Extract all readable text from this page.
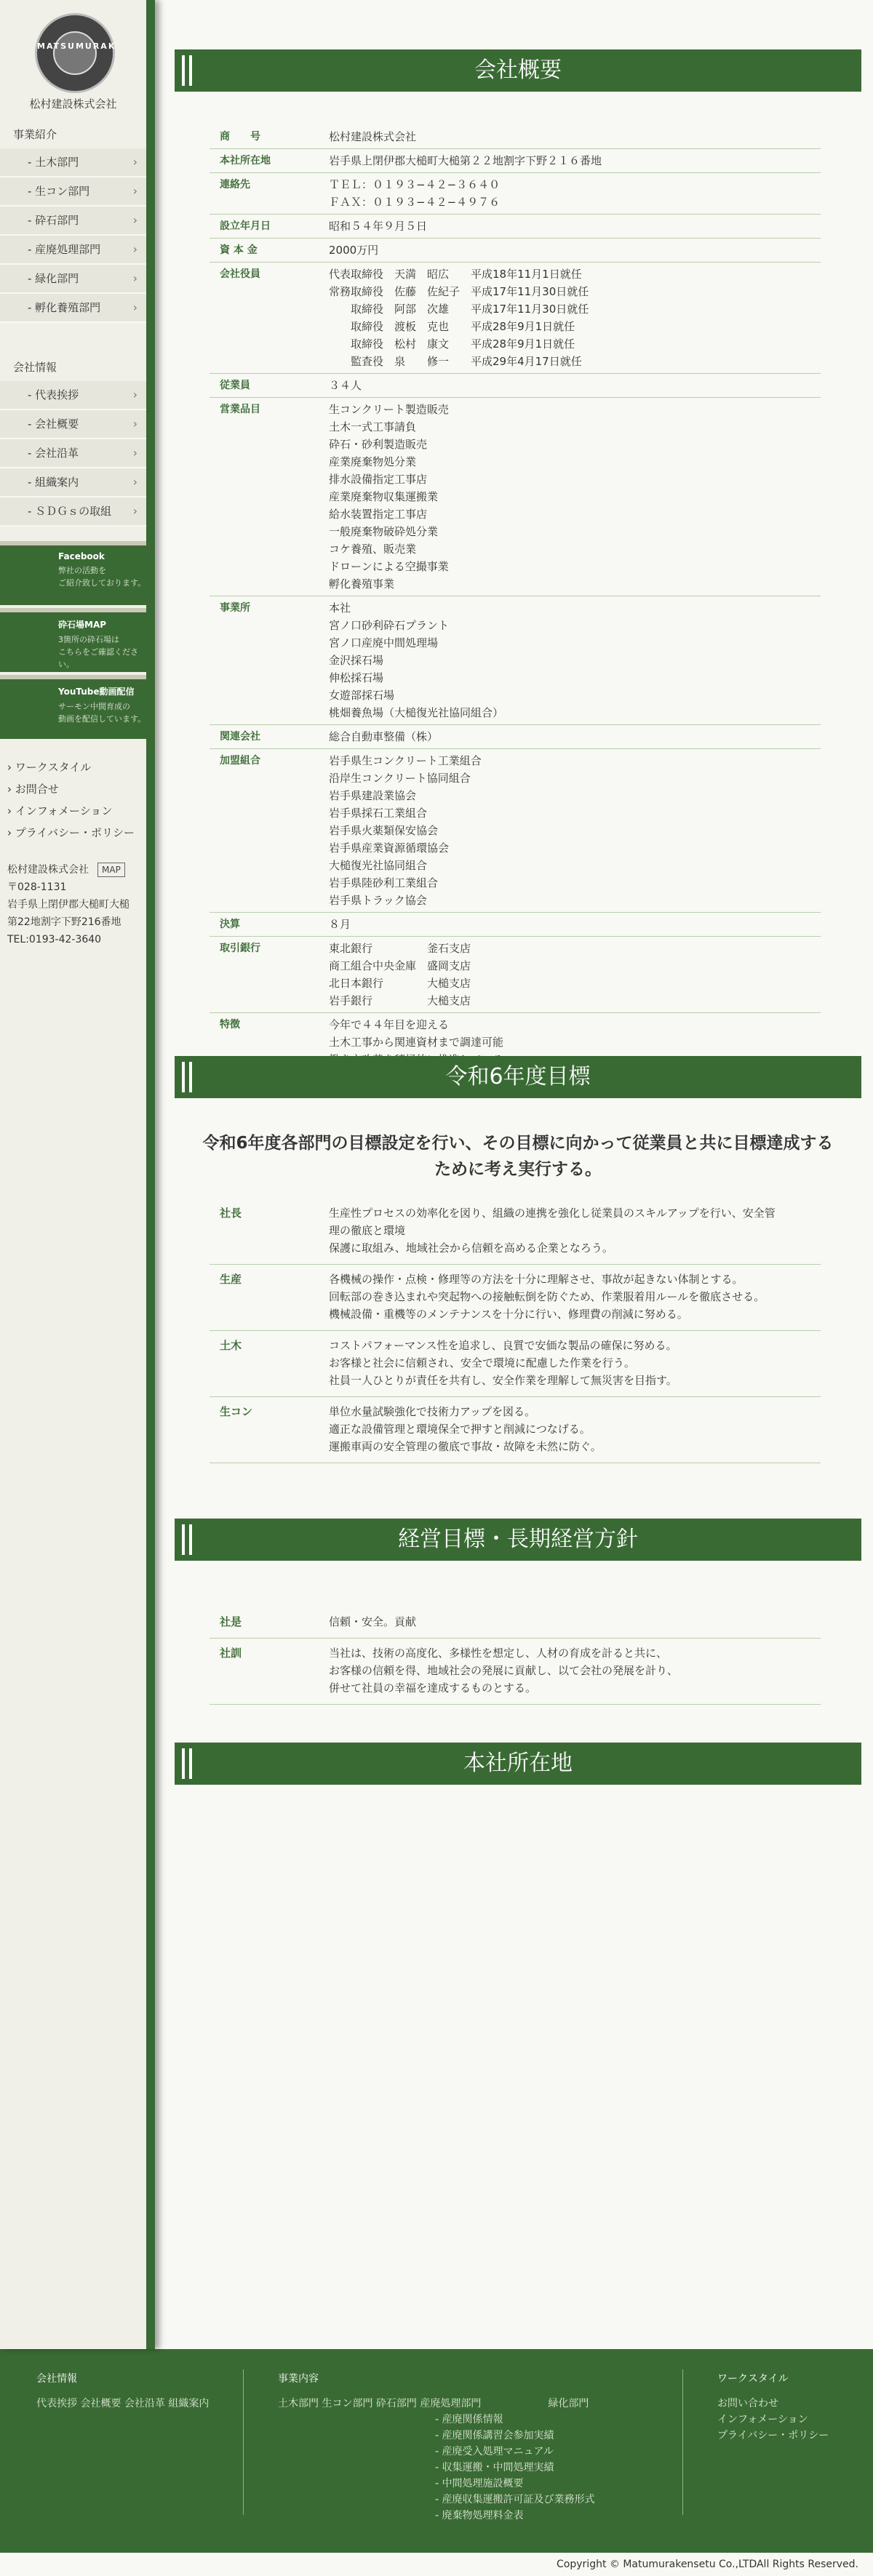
MATSUMURAK
松村建設株式会社
事業紹介
- 土木部門	›
- 生コン部門	›
- 砕石部門	›
- 産廃処理部門	›
- 緑化部門	›
- 孵化養殖部門	›
会社情報
- 代表挨拶	›
- 会社概要	›
- 会社沿革	›
- 組織案内	›
- ＳＤＧｓの取組 ›
Facebook
弊社の活動を
ご紹介致しております。
砕石場MAP
3箇所の砕石場は
こちらをご確認ください。
YouTube動画配信
サーモン中間育成の
動画を配信しています。
› ワークスタイル
› お問合せ
› インフォメーション
› プライバシー・ポリシー
松村建設株式会社 MAP
〒028-1131
岩手県上閉伊郡大槌町大槌
第22地割字下野216番地
TEL:0193-42-3640
会社概要
商　　号	松村建設株式会社
本社所在地	岩手県上閉伊郡大槌町大槌第２２地割字下野２１６番地
連絡先	ＴＥＬ：０１９３−４２−３６４０
ＦＡＸ：０１９３−４２−４９７６
設立年月日	昭和５４年９月５日
資 本 金	2000万円
会社役員	代表取締役　天満　昭広　　平成18年11月1日就任
常務取締役　佐藤　佐紀子　平成17年11月30日就任
　　取締役　阿部　次雄　　平成17年11月30日就任
　　取締役　渡板　克也　　平成28年9月1日就任
　　取締役　松村　康文　　平成28年9月1日就任
　　監査役　泉　　修一　　平成29年4月17日就任
従業員	３４人
営業品目	生コンクリート製造販売
土木一式工事請負
砕石・砂利製造販売
産業廃棄物処分業
排水設備指定工事店
産業廃棄物収集運搬業
給水装置指定工事店
一般廃棄物破砕処分業
コケ養殖、販売業
ドローンによる空撮事業
孵化養殖事業
事業所	本社
宮ノ口砂利砕石プラント
宮ノ口産廃中間処理場
金沢採石場
伸松採石場
女遊部採石場
桃畑養魚場（大槌復光社協同組合）
関連会社	総合自動車整備（株）
加盟組合	岩手県生コンクリート工業組合
沿岸生コンクリート協同組合
岩手県建設業協会
岩手県採石工業組合
岩手県火薬類保安協会
岩手県産業資源循環協会
大槌復光社協同組合
岩手県陸砂利工業組合
岩手県トラック協会
決算	８月
取引銀行	東北銀行　　　　　釜石支店
商工組合中央金庫　盛岡支店
北日本銀行　　　　大槌支店
岩手銀行　　　　　大槌支店
特徴	今年で４４年目を迎える
土木工事から関連資材まで調達可能
令和6年度目標
令和6年度各部門の目標設定を行い、その目標に向かって従業員と共に目標達成する
ために考え実行する。
社長	生産性プロセスの効率化を図り、組織の連携を強化し従業員のスキルアップを行い、安全管
理の徹底と環境
保護に取組み、地域社会から信頼を高める企業となろう。
生産	各機械の操作・点検・修理等の方法を十分に理解させ、事故が起きない体制とする。
回転部の巻き込まれや突起物への接触転倒を防ぐため、作業服着用ルールを徹底させる。
機械設備・重機等のメンテナンスを十分に行い、修理費の削減に努める。
土木	コストパフォーマンス性を追求し、良質で安価な製品の確保に努める。
お客様と社会に信頼され、安全で環境に配慮した作業を行う。
社員一人ひとりが責任を共有し、安全作業を理解して無災害を目指す。
生コン	単位水量試験強化で技術力アップを図る。
適正な設備管理と環境保全で押すと削減につなげる。
運搬車両の安全管理の徹底で事故・故障を未然に防ぐ。
経営目標・長期経営方針
社是	信頼・安全。貢献
社訓	当社は、技術の高度化、多様性を想定し、人材の育成を計ると共に、
お客様の信頼を得、地域社会の発展に貢献し、以て会社の発展を計り、
併せて社員の幸福を達成するものとする。
本社所在地
会社情報
代表挨拶 会社概要 会社沿革 組織案内
事業内容
土木部門 生コン部門 砕石部門 産廃処理部門	緑化部門
- 産廃関係情報
- 産廃関係講習会参加実績
- 産廃受入処理マニュアル
- 収集運搬・中間処理実績
- 中間処理施設概要
- 産廃収集運搬許可証及び業務形式
- 廃棄物処理料金表
ワークスタイル
お問い合わせ
インフォメーション
プライバシー・ポリシー
Copyright © Matumurakensetu Co.,LTDAll Rights Reserved.
